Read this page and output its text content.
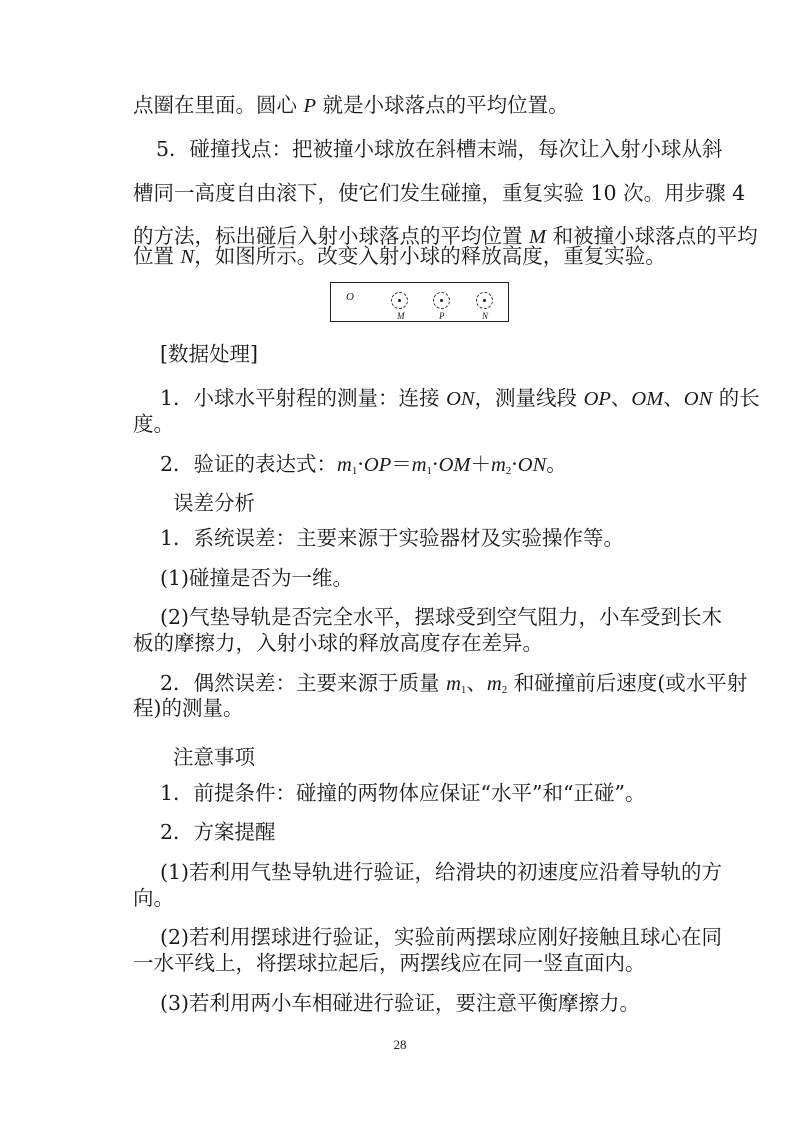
点圈在里面。圆心 P 就是小球落点的平均位置。
5．碰撞找点：把被撞小球放在斜槽末端，每次让入射小球从斜
槽同一高度自由滚下，使它们发生碰撞，重复实验 10 次。用步骤 4
的方法，标出碰后入射小球落点的平均位置 M 和被撞小球落点的平均
位置 N，如图所示。改变入射小球的释放高度，重复实验。
O
M	P	N
[数据处理]
1．小球水平射程的测量：连接 ON，测量线段 OP、OM、ON 的长
度。
2．验证的表达式：$m_1\cdot OP=m_1\cdot OM+m_2\cdot ON$。
误差分析
1．系统误差：主要来源于实验器材及实验操作等。
(1)碰撞是否为一维。
(2)气垫导轨是否完全水平，摆球受到空气阻力，小车受到长木
板的摩擦力，入射小球的释放高度存在差异。
2．偶然误差：主要来源于质量 $m_1$、$m_2$ 和碰撞前后速度(或水平射
程)的测量。
注意事项
1．前提条件：碰撞的两物体应保证“水平”和“正碰”。
2．方案提醒
(1)若利用气垫导轨进行验证，给滑块的初速度应沿着导轨的方
向。
(2)若利用摆球进行验证，实验前两摆球应刚好接触且球心在同
一水平线上，将摆球拉起后，两摆线应在同一竖直面内。
(3)若利用两小车相碰进行验证，要注意平衡摩擦力。
28
